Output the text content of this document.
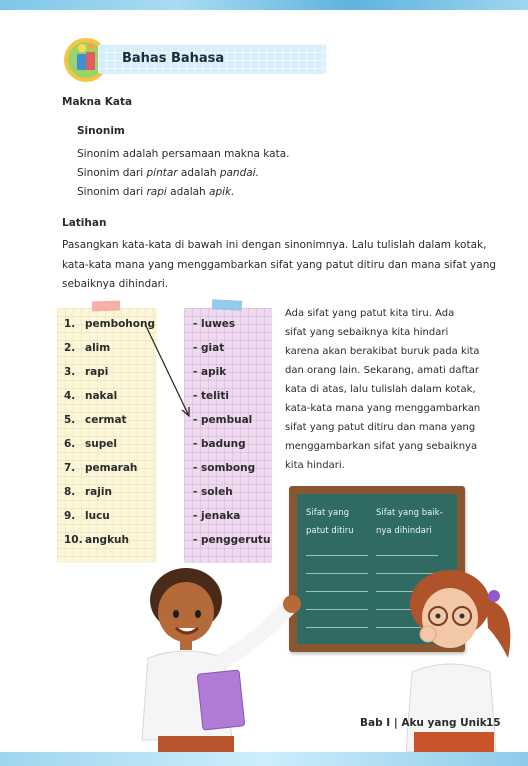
Bahas Bahasa
Makna Kata
Sinonim
Sinonim adalah persamaan makna kata.
Sinonim dari pintar adalah pandai.
Sinonim dari rapi adalah apik.
Latihan
Pasangkan kata-kata di bawah ini dengan sinonimnya. Lalu tulislah dalam kotak,
kata-kata mana yang menggambarkan sifat yang patut ditiru dan mana sifat yang
sebaiknya dihindari.
1. pembohong
2. alim
3. rapi
4. nakal
5. cermat
6. supel
7. pemarah
8. rajin
9. lucu
10. angkuh
- luwes
- giat
- apik
- teliti
- pembual
- badung
- sombong
- soleh
- jenaka
- penggerutu
Ada sifat yang patut kita tiru. Ada
sifat yang sebaiknya kita hindari
karena akan berakibat buruk pada kita
dan orang lain. Sekarang, amati daftar
kata di atas, lalu tulislah dalam kotak,
kata-kata mana yang menggambarkan
sifat yang patut ditiru dan mana yang
menggambarkan sifat yang sebaiknya
kita hindari.
Sifat yang
patut ditiru
Sifat yang baik-
nya dihindari
Bab I | Aku yang Unik 15
